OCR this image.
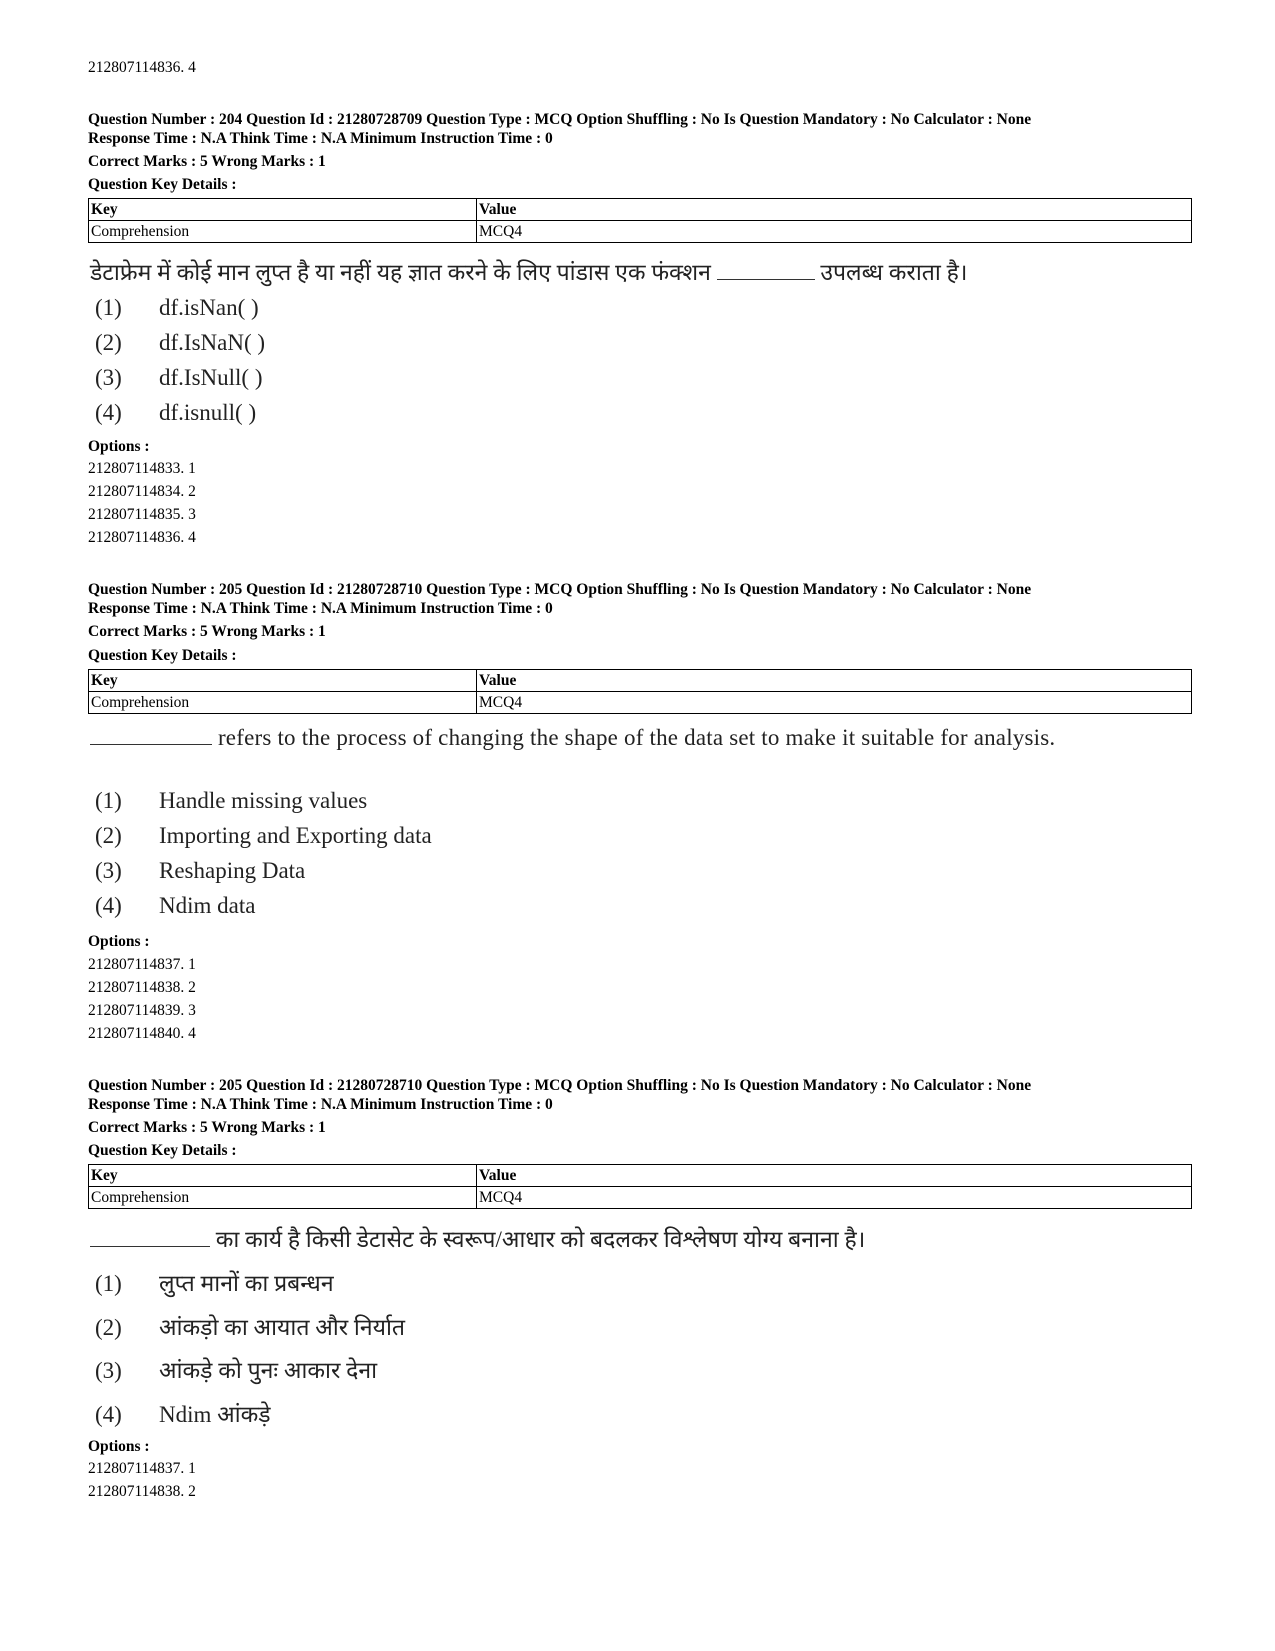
212807114836. 4
Question Number : 204 Question Id : 21280728709 Question Type : MCQ Option Shuffling : No Is Question Mandatory : No Calculator : None
Response Time : N.A Think Time : N.A Minimum Instruction Time : 0
Correct Marks : 5 Wrong Marks : 1
Question Key Details :
Key	Value
Comprehension	MCQ4
डेटाफ्रेम में कोई मान लुप्त है या नहीं यह ज्ञात करने के लिए पांडास एक फंक्शन	उपलब्ध कराता है।
(1) df.isNan( )
(2) df.IsNaN( )
(3) df.IsNull( )
(4) df.isnull( )
Options :
212807114833. 1
212807114834. 2
212807114835. 3
212807114836. 4
Question Number : 205 Question Id : 21280728710 Question Type : MCQ Option Shuffling : No Is Question Mandatory : No Calculator : None
Response Time : N.A Think Time : N.A Minimum Instruction Time : 0
Correct Marks : 5 Wrong Marks : 1
Question Key Details :
Key	Value
Comprehension	MCQ4
refers to the process of changing the shape of the data set to make it suitable for analysis.
(1) Handle missing values
(2) Importing and Exporting data
(3) Reshaping Data
(4) Ndim data
Options :
212807114837. 1
212807114838. 2
212807114839. 3
212807114840. 4
Question Number : 205 Question Id : 21280728710 Question Type : MCQ Option Shuffling : No Is Question Mandatory : No Calculator : None
Response Time : N.A Think Time : N.A Minimum Instruction Time : 0
Correct Marks : 5 Wrong Marks : 1
Question Key Details :
Key	Value
Comprehension	MCQ4
का कार्य है किसी डेटासेट के स्वरूप/आधार को बदलकर विश्लेषण योग्य बनाना है।
(1) लुप्त मानों का प्रबन्धन
(2) आंकड़ो का आयात और निर्यात
(3) आंकड़े को पुनः आकार देना
(4) Ndim आंकड़े
Options :
212807114837. 1
212807114838. 2
